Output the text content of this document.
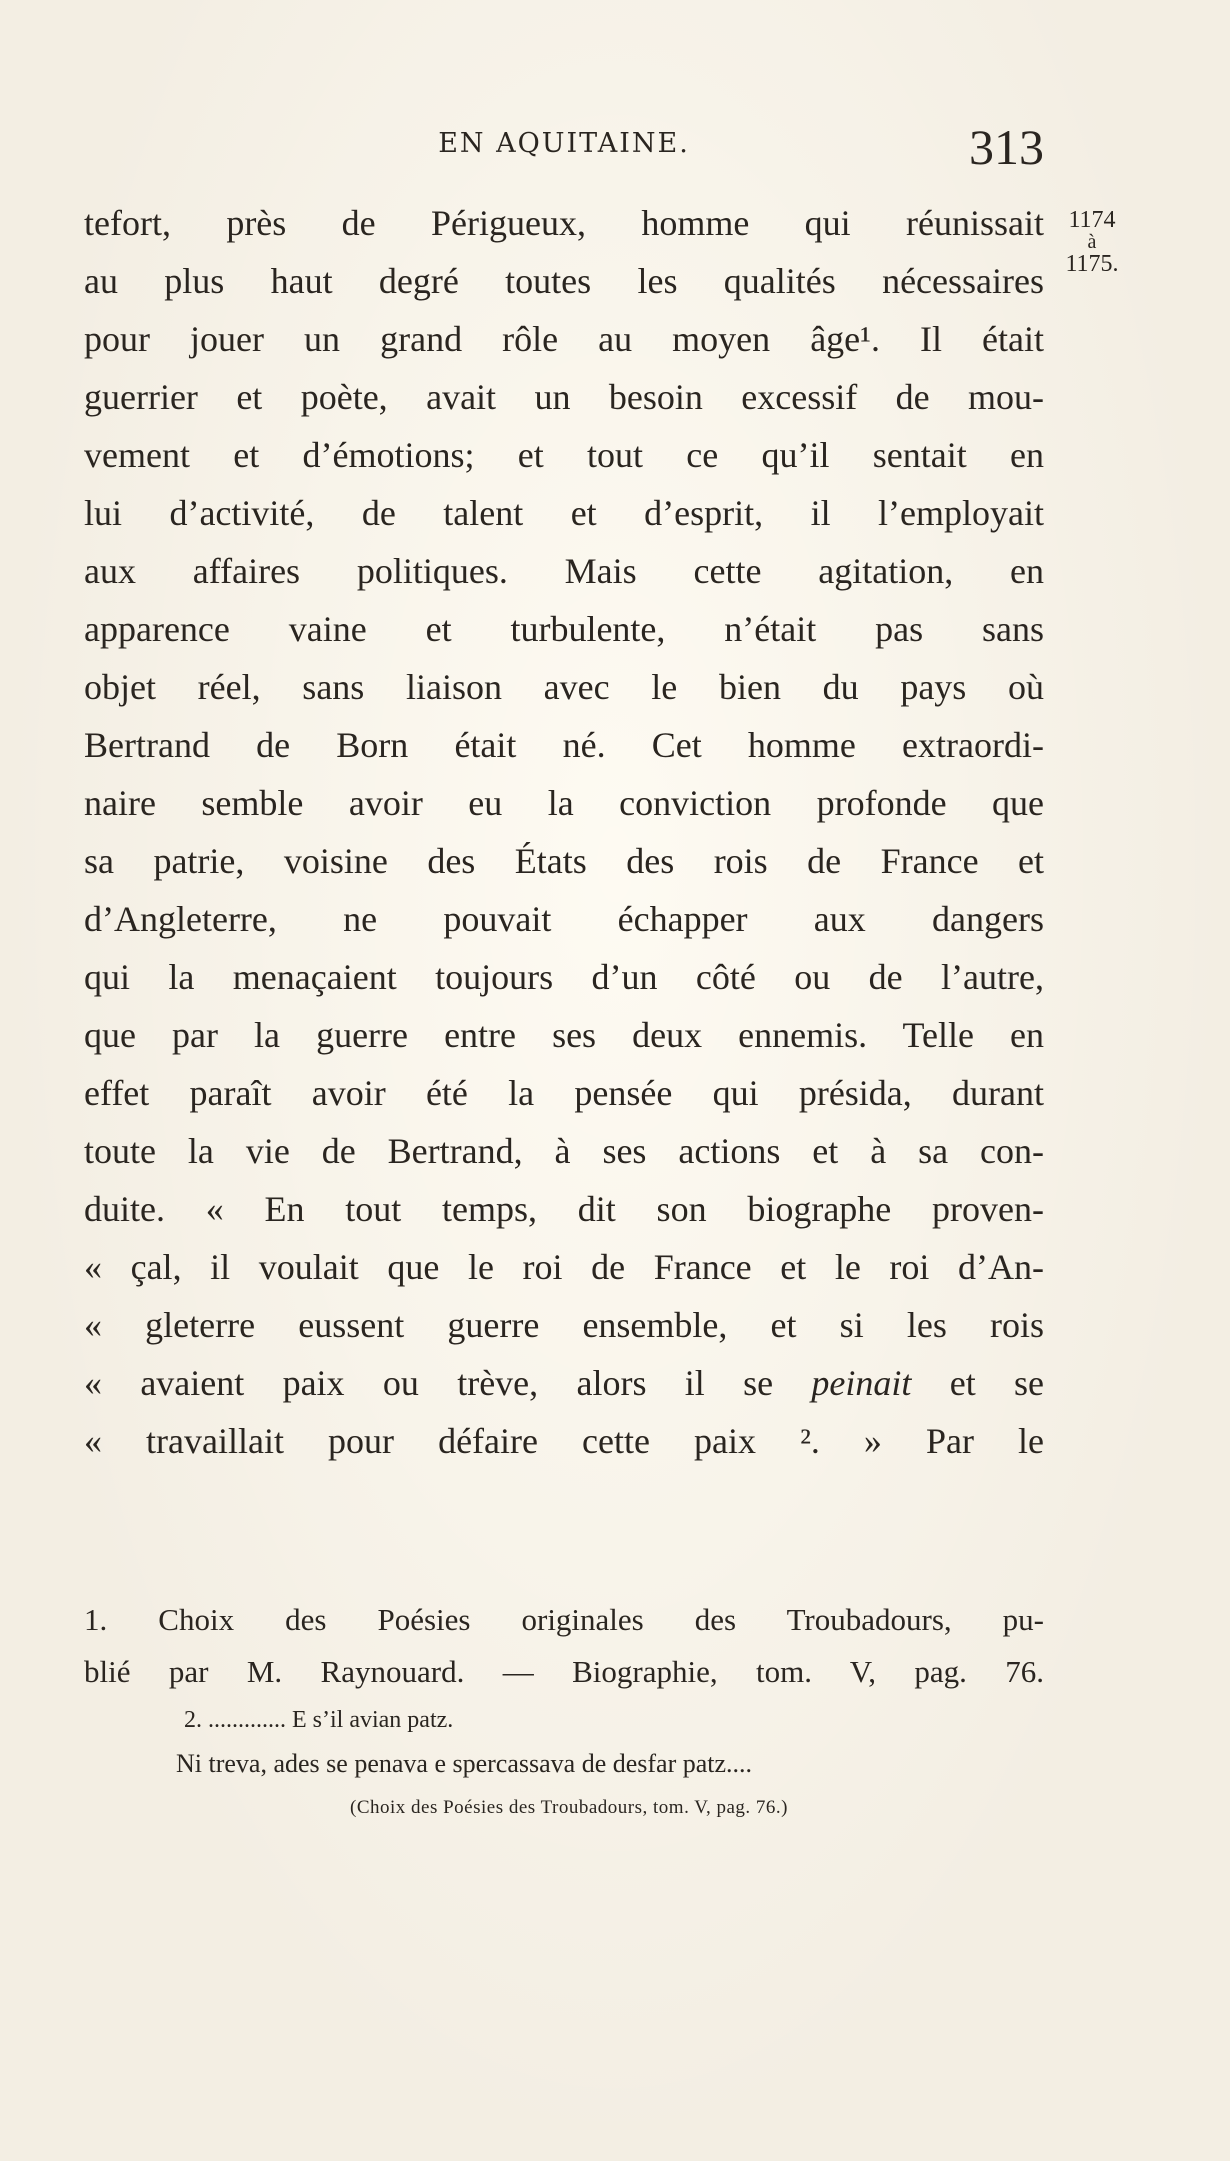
EN AQUITAINE.	313
1174
à
1175.
tefort, près de Périgueux, homme qui réunissait
au plus haut degré toutes les qualités nécessaires
pour jouer un grand rôle au moyen âge¹. Il était
guerrier et poète, avait un besoin excessif de mou-
vement et d’émotions; et tout ce qu’il sentait en
lui d’activité, de talent et d’esprit, il l’employait
aux affaires politiques. Mais cette agitation, en
apparence vaine et turbulente, n’était pas sans
objet réel, sans liaison avec le bien du pays où
Bertrand de Born était né. Cet homme extraordi-
naire semble avoir eu la conviction profonde que
sa patrie, voisine des États des rois de France et
d’Angleterre, ne pouvait échapper aux dangers
qui la menaçaient toujours d’un côté ou de l’autre,
que par la guerre entre ses deux ennemis. Telle en
effet paraît avoir été la pensée qui présida, durant
toute la vie de Bertrand, à ses actions et à sa con-
duite. « En tout temps, dit son biographe proven-
« çal, il voulait que le roi de France et le roi d’An-
« gleterre eussent guerre ensemble, et si les rois
« avaient paix ou trève, alors il se peinait et se
« travaillait pour défaire cette paix ². » Par le
1. Choix des Poésies originales des Troubadours, pu-
blié par M. Raynouard. — Biographie, tom. V, pag. 76.
2. ............. E s’il avian patz.
Ni treva, ades se penava e spercassava de desfar patz....
(Choix des Poésies des Troubadours, tom. V, pag. 76.)
